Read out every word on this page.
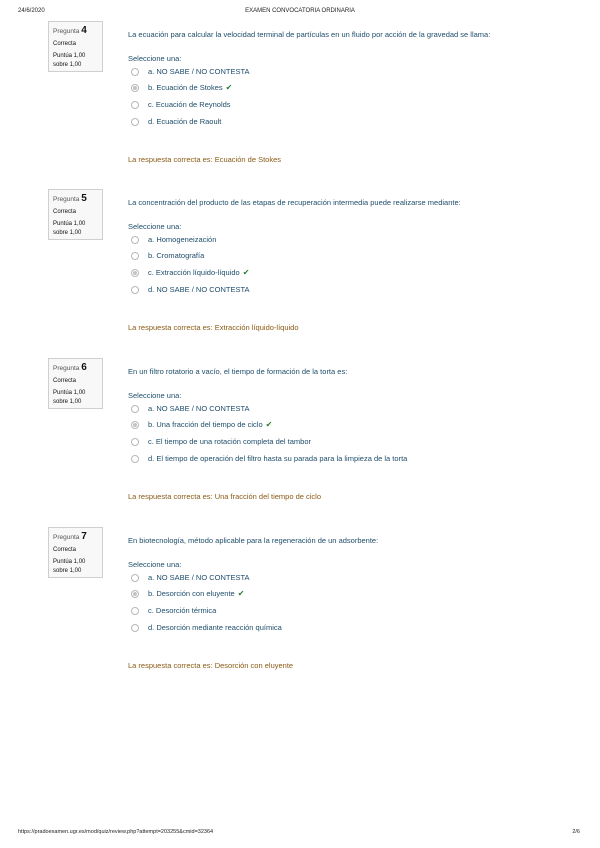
24/6/2020	EXAMEN CONVOCATORIA ORDINARIA
Pregunta 4
Correcta
Puntúa 1,00
sobre 1,00
La ecuación para calcular la velocidad terminal de partículas en un fluido por acción de la gravedad se llama:
Seleccione una:
a. NO SABE / NO CONTESTA
b. Ecuación de Stokes ✔
c. Ecuación de Reynolds
d. Ecuación de Raoult
La respuesta correcta es: Ecuación de Stokes
Pregunta 5
Correcta
Puntúa 1,00
sobre 1,00
La concentración del producto de las etapas de recuperación intermedia puede realizarse mediante:
Seleccione una:
a. Homogeneización
b. Cromatografía
c. Extracción líquido-líquido ✔
d. NO SABE / NO CONTESTA
La respuesta correcta es: Extracción líquido-líquido
Pregunta 6
Correcta
Puntúa 1,00
sobre 1,00
En un filtro rotatorio a vacío, el tiempo de formación de la torta es:
Seleccione una:
a. NO SABE / NO CONTESTA
b. Una fracción del tiempo de ciclo ✔
c. El tiempo de una rotación completa del tambor
d. El tiempo de operación del filtro hasta su parada para la limpieza de la torta
La respuesta correcta es: Una fracción del tiempo de ciclo
Pregunta 7
Correcta
Puntúa 1,00
sobre 1,00
En biotecnología, método aplicable para la regeneración de un adsorbente:
Seleccione una:
a. NO SABE / NO CONTESTA
b. Desorción con eluyente ✔
c. Desorción térmica
d. Desorción mediante reacción química
La respuesta correcta es: Desorción con eluyente
https://pradoexamen.ugr.es/mod/quiz/review.php?attempt=203255&cmid=32364	2/6
